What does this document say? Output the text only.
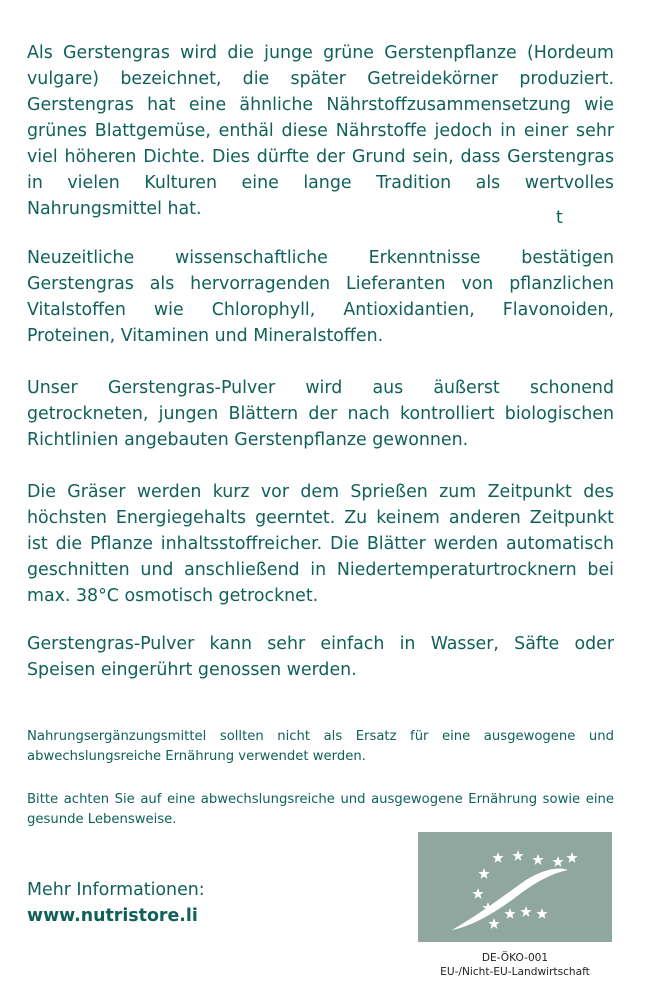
Als Gerstengras wird die junge grüne Gerstenpflanze (Hordeum vulgare) bezeichnet, die später Getreidekörner produziert. Gerstengras hat eine ähnliche Nährstoffzusammensetzung wie grünes Blattgemüse, enthäl diese Nährstoffe jedoch in einer sehr viel höheren Dichte. Dies dürfte der Grund sein, dass Gerstengras in vielen Kulturen eine lange Tradition als wertvolles Nahrungsmittel hat.	t

Neuzeitliche wissenschaftliche Erkenntnisse bestätigen Gerstengras als hervorragenden Lieferanten von pflanzlichen Vitalstoffen wie Chlorophyll, Antioxidantien, Flavonoiden, Proteinen, Vitaminen und Mineralstoffen.

Unser Gerstengras-Pulver wird aus äußerst schonend getrockneten, jungen Blättern der nach kontrolliert biologischen Richtlinien angebauten Gerstenpflanze gewonnen.

Die Gräser werden kurz vor dem Sprießen zum Zeitpunkt des höchsten Energiegehalts geerntet. Zu keinem anderen Zeitpunkt ist die Pflanze inhaltsstoffreicher. Die Blätter werden automatisch geschnitten und anschließend in Niedertemperaturtrocknern bei max. 38°C osmotisch getrocknet.

Gerstengras-Pulver kann sehr einfach in Wasser, Säfte oder Speisen eingerührt genossen werden.

Nahrungsergänzungsmittel sollten nicht als Ersatz für eine ausgewogene und abwechslungsreiche Ernährung verwendet werden.

Bitte achten Sie auf eine abwechslungsreiche und ausgewogene Ernährung sowie eine gesunde Lebensweise.

Mehr Informationen:
www.nutristore.li
DE-ÖKO-001
EU-/Nicht-EU-Landwirtschaft
